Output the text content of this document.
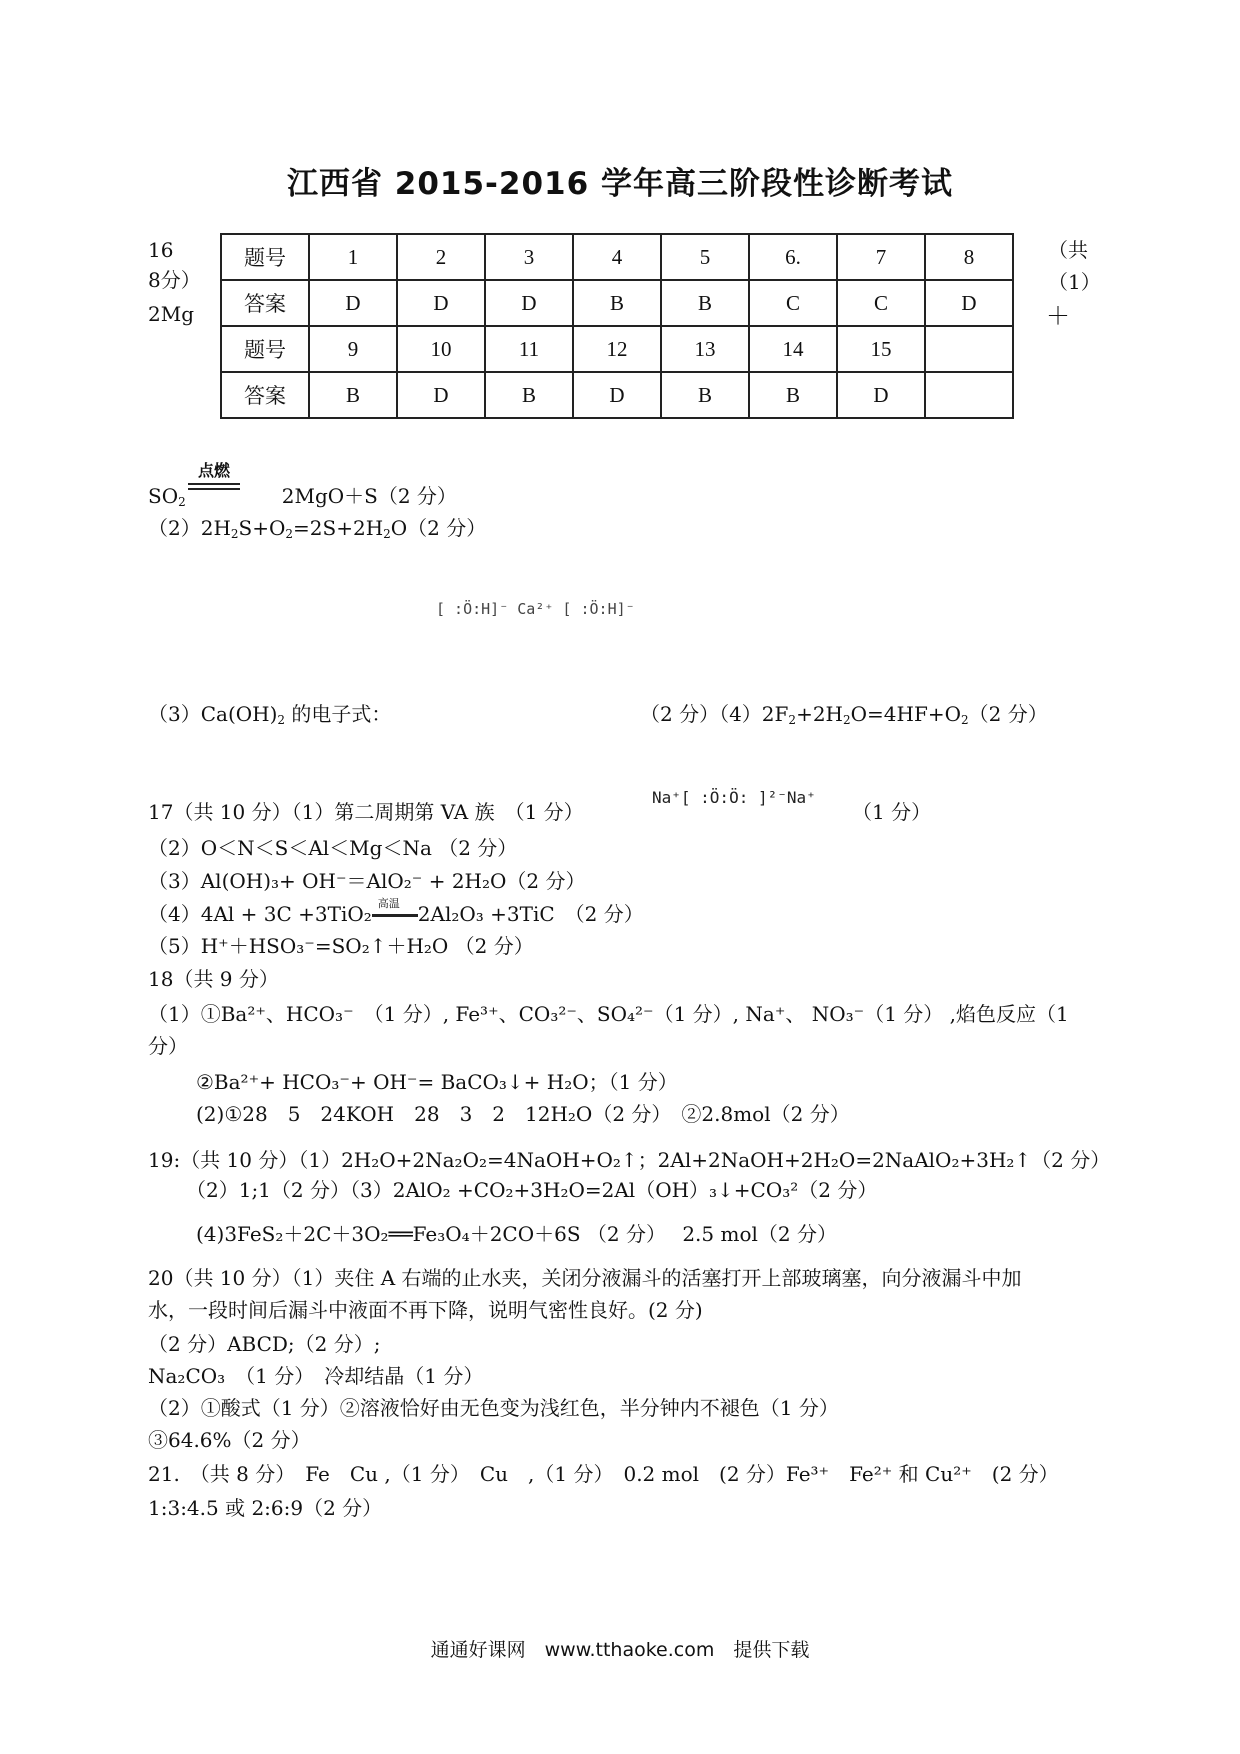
江西省 2015-2016 学年高三阶段性诊断考试
16
8分）
2Mg
（共
（1）
＋
题号	1	2	3	4	5	6.	7	8
答案	D	D	D	B	B	C	C	D
题号	9	10	11	12	13	14	15	
答案	B	D	B	D	B	B	D	
点燃
$SO_2$	2MgO＋S（2 分）
$(2)2H_2S+O_2=2S+2H_2O(2$ 分）
[ :Ö:H]⁻ Ca²⁺ [ :Ö:H]⁻
$(3)Ca(OH)_2$ 的电子式：	（2 分）$(4)2F_2+2H_2O=4HF+O_2(2$ 分）
17（共 10 分）（1）第二周期第 VA 族　（1 分）
Na⁺[ :Ö:Ö: ]²⁻Na⁺
（1 分）
（2）O＜N＜S＜Al＜Mg＜Na （2 分）
（3）Al(OH)₃+ OH⁻＝AlO₂⁻ + 2H₂O（2 分）
（4）4Al + 3C +3TiO₂ 高温 2Al₂O₃ +3TiC　（2 分）
（5）H⁺＋HSO₃⁻=SO₂↑＋H₂O （2 分）
18（共 9 分）
（1）①Ba²⁺、HCO₃⁻　（1 分）, Fe³⁺、CO₃²⁻、SO₄²⁻（1 分）, Na⁺、 NO₃⁻（1 分） ,焰色反应（1
分）
②Ba²⁺+ HCO₃⁻+ OH⁻= BaCO₃↓+ H₂O；（1 分）
(2)①28　5　24KOH　28　3　2　12H₂O（2 分）　②2.8mol（2 分）
19:（共 10 分）（1）2H₂O+2Na₂O₂=4NaOH+O₂↑；2Al+2NaOH+2H₂O=2NaAlO₂+3H₂↑（2 分）
（2）1;1（2 分）（3）2AlO₂ +CO₂+3H₂O=2Al（OH）₃↓+CO₃²（2 分）
(4)3FeS₂＋2C＋3O₂══Fe₃O₄＋2CO＋6S （2 分）　 2.5 mol（2 分）
20（共 10 分）（1）夹住 A 右端的止水夹，关闭分液漏斗的活塞打开上部玻璃塞，向分液漏斗中加
水，一段时间后漏斗中液面不再下降，说明气密性良好。(2 分)
（2 分）ABCD;（2 分）;
Na₂CO₃　（1 分）　冷却结晶（1 分）
（2）①酸式（1 分）②溶液恰好由无色变为浅红色，半分钟内不褪色（1 分）
③64.6%（2 分）
21.　（共 8 分）　Fe　Cu ,（1 分）　Cu　,（1 分）　0.2 mol　(2 分）Fe³⁺　Fe²⁺ 和 Cu²⁺　(2 分）
1:3:4.5 或 2:6:9（2 分）
通通好课网　www.tthaoke.com　提供下载
